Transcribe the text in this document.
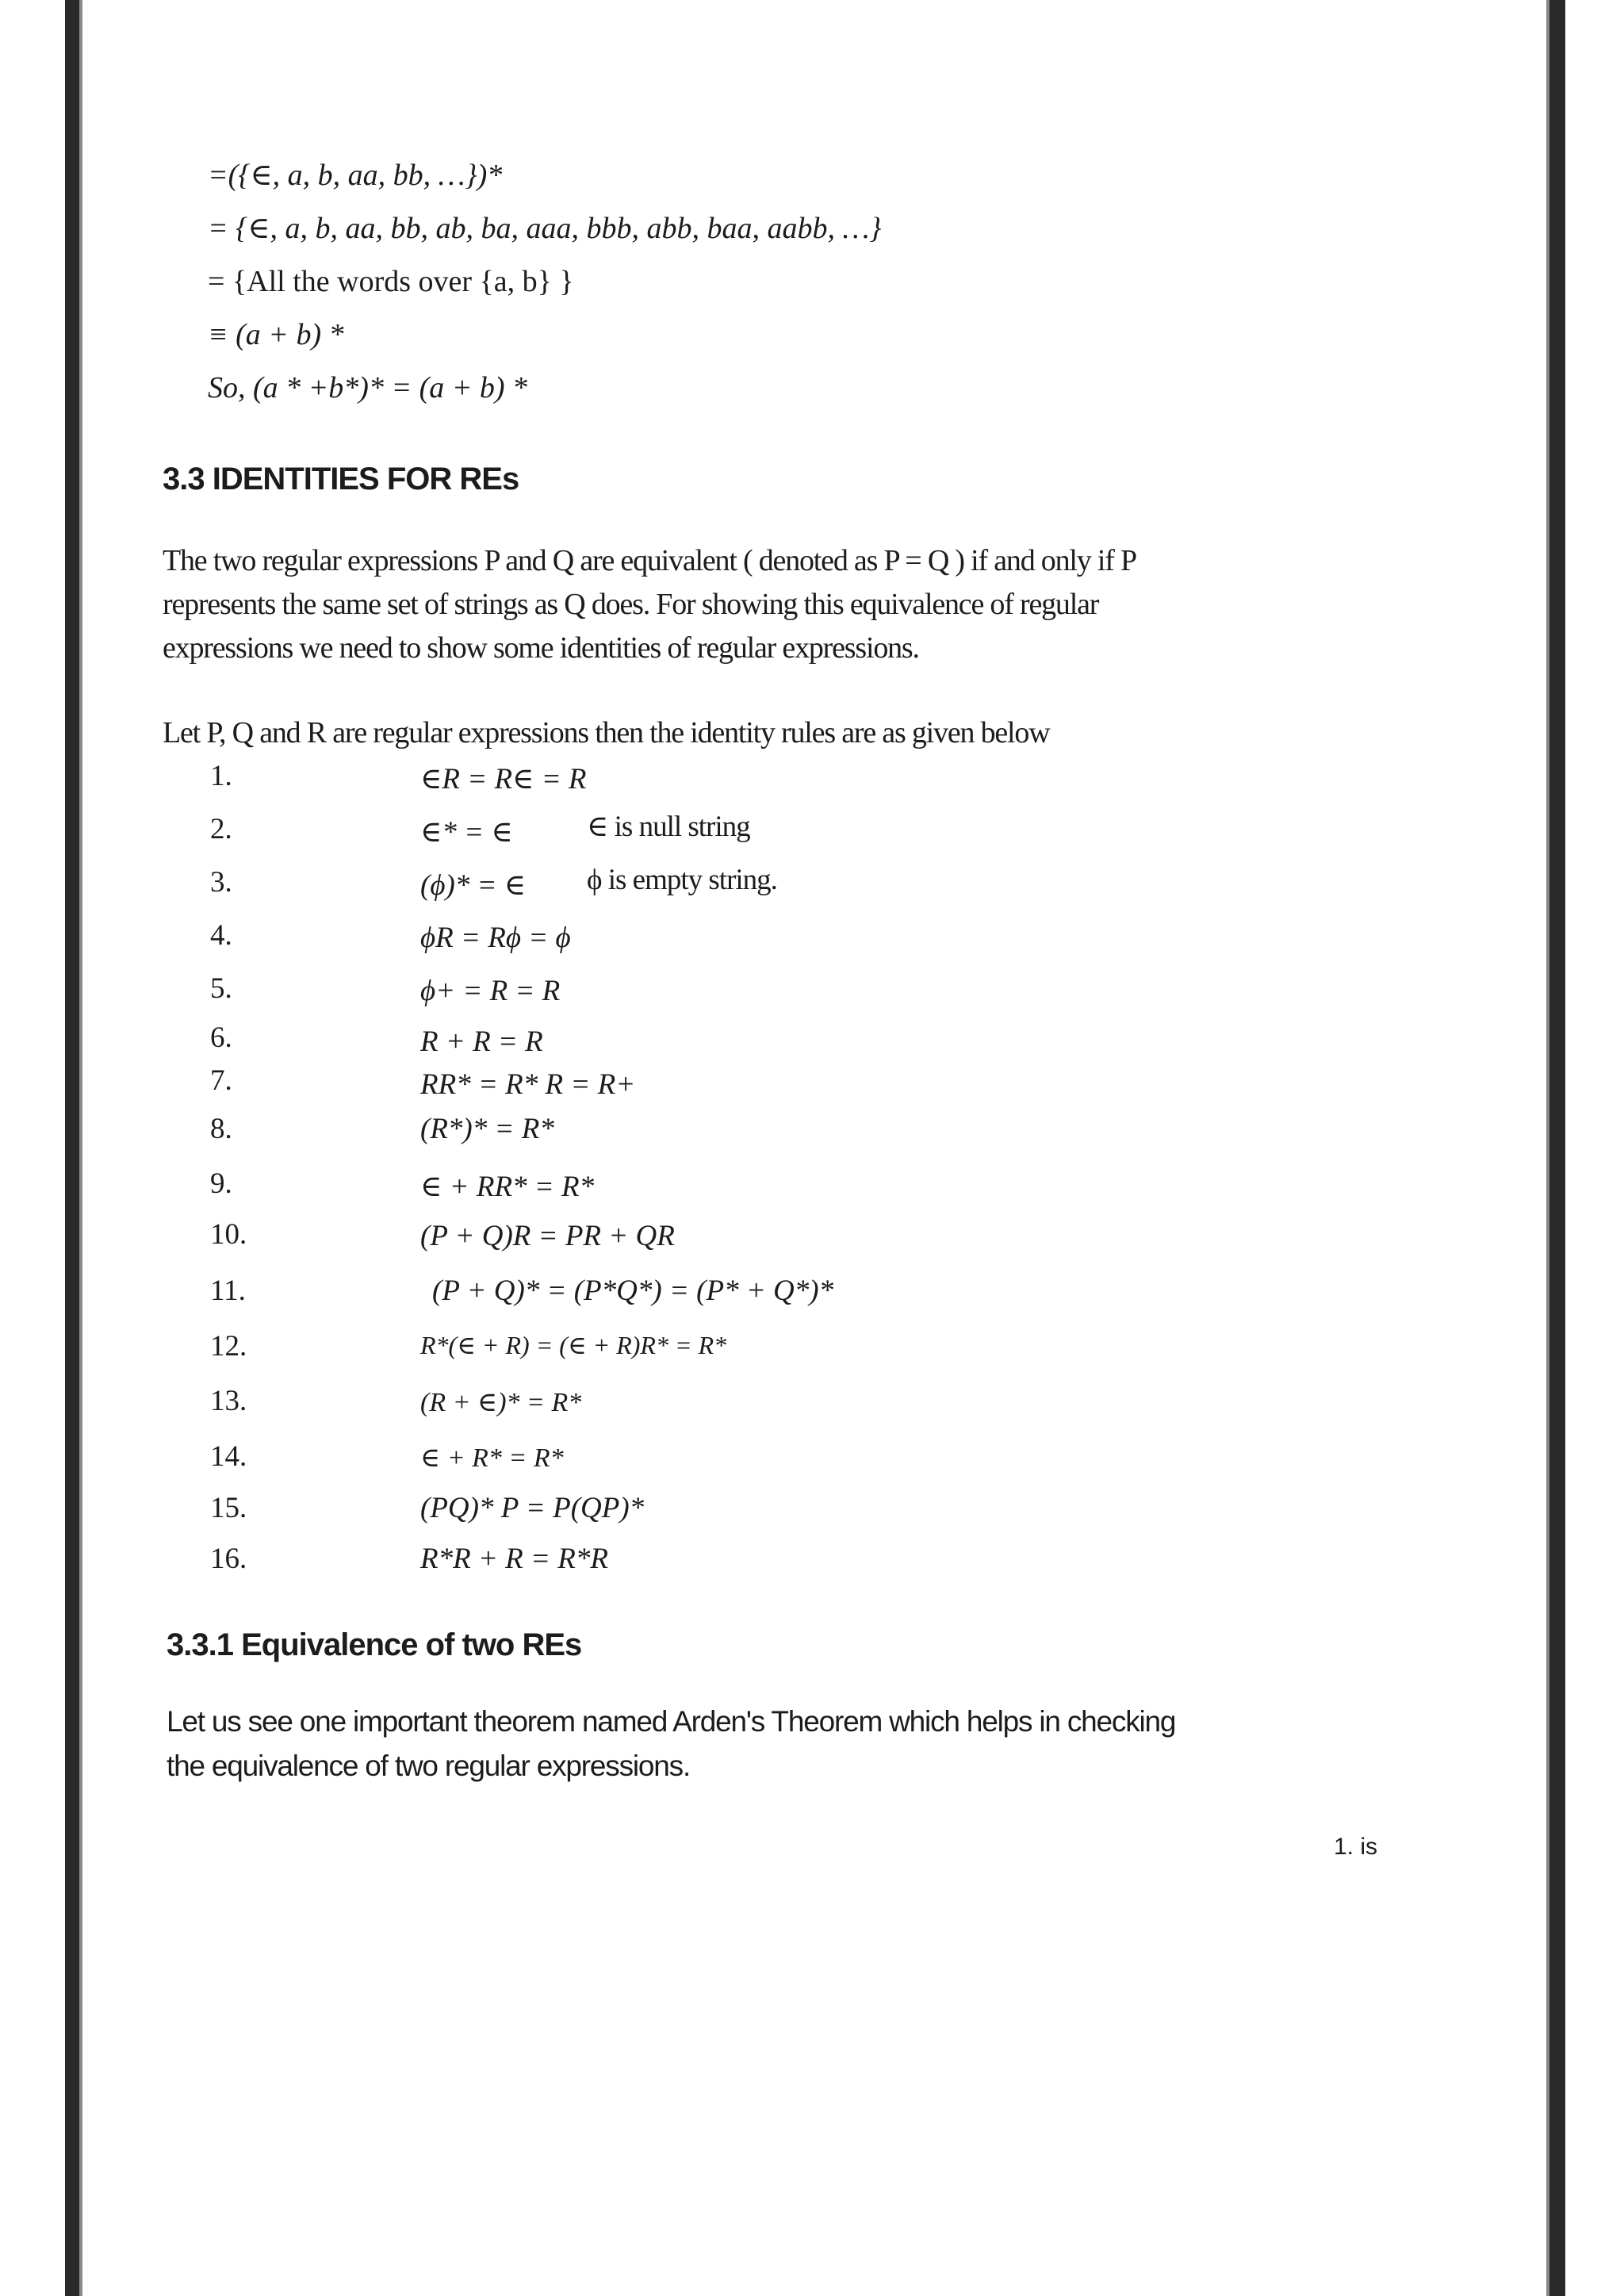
=({∈, a, b, aa, bb, …})*
= {∈, a, b, aa, bb, ab, ba, aaa, bbb, abb, baa, aabb, …}
= {All the words over {a, b} }
≡ (a + b) *
So, (a * +b*)* = (a + b) *
3.3 IDENTITIES FOR REs
The two regular expressions P and Q are equivalent ( denoted as P = Q ) if and only if P represents the same set of strings as Q does. For showing this equivalence of regular expressions we need to show some identities of regular expressions.
Let P, Q and R are regular expressions then the identity rules are as given below
1.	∈R = R∈ = R
2.	∈* = ∈	∈ is null string
3.	(ϕ)* = ∈ ϕ is empty string.
4.	ϕR = Rϕ = ϕ
5.	ϕ+ = R = R
6.	R + R = R
7.	RR* = R* R = R+
8.	(R*)* = R*
9.	∈ + RR* = R*
10.	(P + Q)R = PR + QR
11.	(P + Q)* = (P*Q*) = (P* + Q*)*
12.	R*(∈ + R) = (∈ + R)R* = R*
13.	(R + ∈)* = R*
14.	∈ + R* = R*
15.	(PQ)* P = P(QP)*
16.	R*R + R = R*R
3.3.1 Equivalence of two REs
Let us see one important theorem named Arden's Theorem which helps in checking the equivalence of two regular expressions.
1. is
